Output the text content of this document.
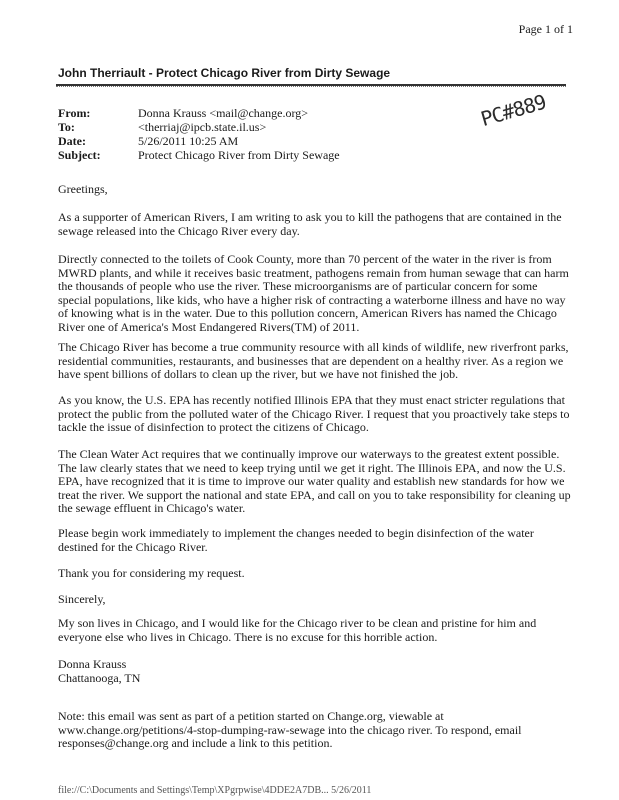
Page 1 of 1
John Therriault - Protect Chicago River from Dirty Sewage
From:	Donna Krauss <mail@change.org>
To:	<therriaj@ipcb.state.il.us>
Date:	5/26/2011 10:25 AM
Subject:	Protect Chicago River from Dirty Sewage
PC#889

Greetings,

As a supporter of American Rivers, I am writing to ask you to kill the pathogens that are contained in the sewage released into the Chicago River every day.

Directly connected to the toilets of Cook County, more than 70 percent of the water in the river is from MWRD plants, and while it receives basic treatment, pathogens remain from human sewage that can harm the thousands of people who use the river. These microorganisms are of particular concern for some special populations, like kids, who have a higher risk of contracting a waterborne illness and have no way of knowing what is in the water. Due to this pollution concern, American Rivers has named the Chicago River one of America's Most Endangered Rivers(TM) of 2011.

The Chicago River has become a true community resource with all kinds of wildlife, new riverfront parks, residential communities, restaurants, and businesses that are dependent on a healthy river. As a region we have spent billions of dollars to clean up the river, but we have not finished the job.

As you know, the U.S. EPA has recently notified Illinois EPA that they must enact stricter regulations that protect the public from the polluted water of the Chicago River. I request that you proactively take steps to tackle the issue of disinfection to protect the citizens of Chicago.

The Clean Water Act requires that we continually improve our waterways to the greatest extent possible. The law clearly states that we need to keep trying until we get it right. The Illinois EPA, and now the U.S. EPA, have recognized that it is time to improve our water quality and establish new standards for how we treat the river. We support the national and state EPA, and call on you to take responsibility for cleaning up the sewage effluent in Chicago's water.

Please begin work immediately to implement the changes needed to begin disinfection of the water destined for the Chicago River.

Thank you for considering my request.

Sincerely,

My son lives in Chicago, and I would like for the Chicago river to be clean and pristine for him and everyone else who lives in Chicago. There is no excuse for this horrible action.

Donna Krauss

Chattanooga, TN

Note: this email was sent as part of a petition started on Change.org, viewable at www.change.org/petitions/4-stop-dumping-raw-sewage into the chicago river. To respond, email responses@change.org and include a link to this petition.

file://C:\Documents and Settings\Temp\XPgrpwise\4DDE2A7DB... 5/26/2011
